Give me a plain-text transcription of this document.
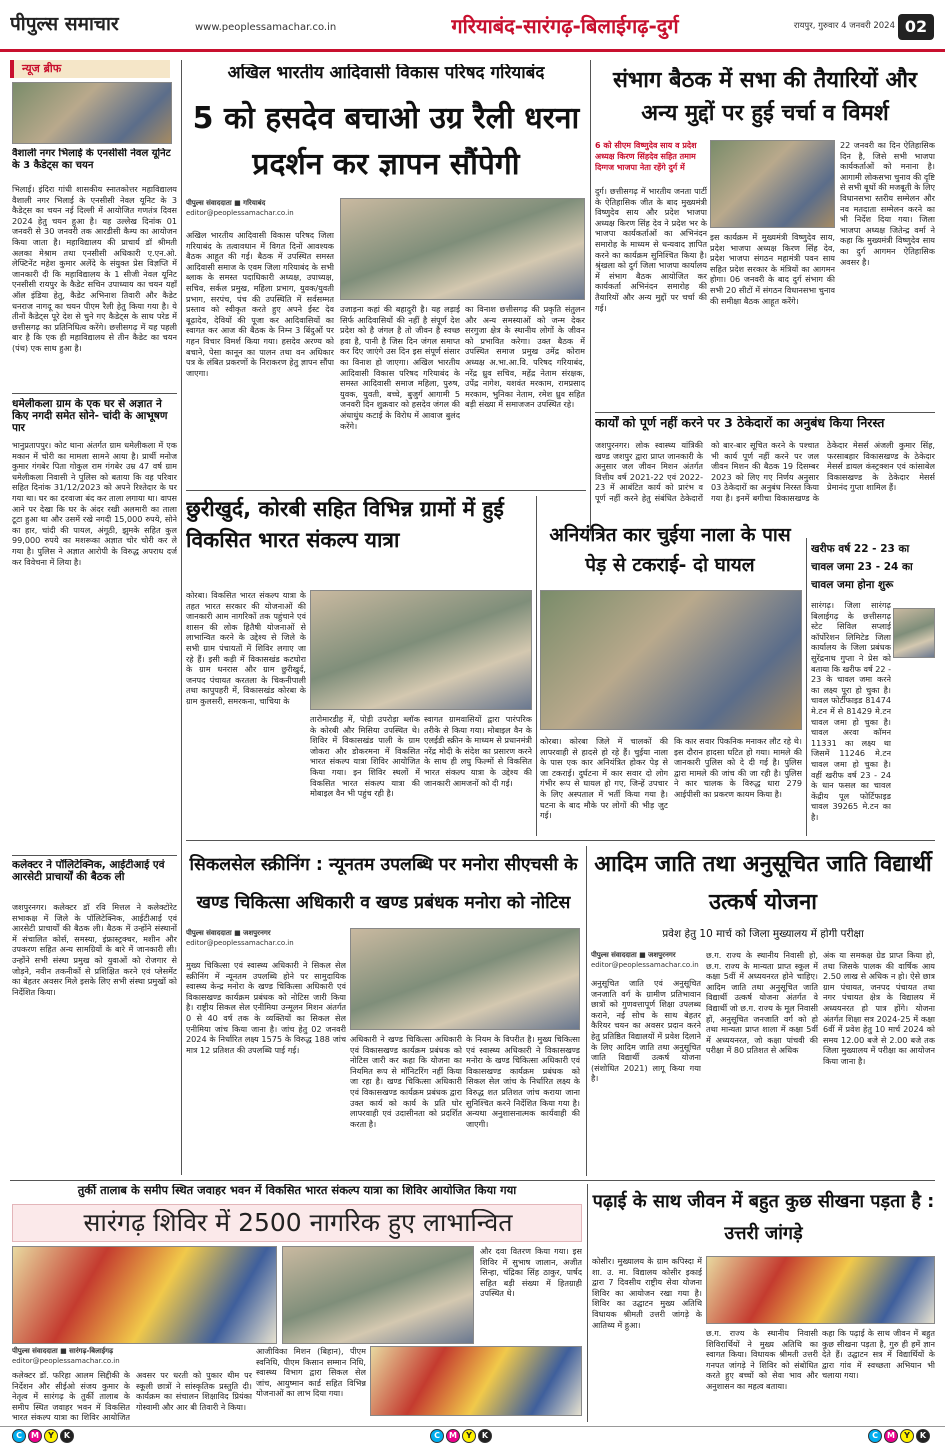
पीपुल्स समाचार	www.peoplessamachar.co.in	गरियाबंद-सारंगढ़-बिलाईगढ़-दुर्ग	रायपुर, गुरुवार 4 जनवरी 2024 02
न्यूज ब्रीफ
वैशाली नगर भिलाई के एनसीसी नेवल यूनिट के 3 कैडेट्स का चयन
भिलाई। इंदिरा गांधी शासकीय स्नातकोत्तर महाविद्यालय वैशाली नगर भिलाई के एनसीसी नेवल यूनिट के 3 कैडेट्स का चयन नई दिल्ली में आयोजित गणतंत्र दिवस 2024 हेतु चयन हुआ है। यह उल्लेख दिनांक 01 जनवरी से 30 जनवरी तक आरडीसी कैम्प का आयोजन किया जाता है। महाविद्यालय की प्राचार्य डॉ श्रीमती अलका मेश्राम तथा एनसीसी अधिकारी ए.एन.ओ. लेफ्टिनेंट महेश कुमार अलेंदे के संयुक्त प्रेस विज्ञप्ति में जानकारी दी कि महाविद्यालय के 1 सीजी नेवल यूनिट एनसीसी रायपुर के कैडेट सचिन उपाध्याय का चयन यहाँ ऑल इंडिया हेतु, कैडेट अभिनाश तिवारी और कैडेट धनराज नागदू का चयन पीएम रैली हेतु किया गया है। ये तीनों कैडेट्स पूरे देश से चुने गए कैडेट्स के साथ परेड में छत्तीसगढ़ का प्रतिनिधित्व करेंगे। छत्तीसगढ़ में यह पहली बार है कि एक ही महाविद्यालय से तीन कैडेट का चयन (पंथ) एक साथ हुआ है।
धमेलीकला ग्राम के एक घर से अज्ञात ने किए नगदी समेत सोने- चांदी के आभूषण पार
भानुप्रतापपुर। कोट थाना अंतर्गत ग्राम धमेलीकला में एक मकान में चोरी का मामला सामने आया है। प्रार्थी मनोज कुमार गंगबेर पिता गोकुल राम गंगबेर उम्र 47 वर्ष ग्राम धमेलीकला निवासी ने पुलिस को बताया कि वह परिवार सहित दिनांक 31/12/2023 को अपने रिश्तेदार के घर गया था। घर का दरवाजा बंद कर ताला लगाया था। वापस आने पर देखा कि घर के अंदर रखी अलमारी का ताला टूटा हुआ था और उसमें रखे नगदी 15,000 रुपये, सोने का हार, चांदी की पायल, अंगूठी, झुमके सहित कुल 99,000 रुपये का मशरूका अज्ञात चोर चोरी कर ले गया है। पुलिस ने अज्ञात आरोपी के विरुद्ध अपराध दर्ज कर विवेचना में लिया है।
कलेक्टर ने पॉलिटेक्निक, आईटीआई एवं आरसेटी प्राचार्यों की बैठक ली
जशपुरनगर। कलेक्टर डॉ रवि मित्तल ने कलेक्टोरेट सभाकक्ष में जिले के पॉलिटेक्निक, आईटीआई एवं आरसेटी प्राचार्यों की बैठक ली। बैठक में उन्होंने संस्थानों में संचालित कोर्स, समस्या, इंफ्रास्ट्रक्चर, मशीन और उपकरण सहित अन्य सामग्रियों के बारे में जानकारी ली। उन्होंने सभी संस्था प्रमुख को युवाओं को रोजगार से जोड़ने, नवीन तकनीकों से प्रशिक्षित करने एवं प्लेसमेंट का बेहतर अवसर मिले इसके लिए सभी संस्था प्रमुखों को निर्देशित किया।
अखिल भारतीय आदिवासी विकास परिषद गरियाबंद
5 को हसदेव बचाओ उग्र रैली धरना प्रदर्शन कर ज्ञापन सौंपेगी
पीपुल्स संवाददाता ■ गरियाबंद
editor@peoplessamachar.co.in
अखिल भारतीय आदिवासी विकास परिषद जिला गरियाबंद के तत्वावधान में विगत दिनों आवश्यक बैठक आहूत की गई। बैठक में उपस्थित समस्त आदिवासी समाज के एवम जिला गरियाबंद के सभी ब्लाक के समस्त पदाधिकारी अध्यक्ष, उपाध्यक्ष, सचिव, सर्कल प्रमुख, महिला प्रभाग, युवक/युवती प्रभाग, सरपंच, पंच की उपस्थिति में सर्वसम्मत प्रस्ताव को स्वीकृत करते हुए अपने ईस्ट देव बूढ़ादेव, देवियों की पूजा कर आदिवासियों का स्वागत कर आज की बैठक के निम्न 3 बिंदुओं पर गहन विचार विमर्श किया गया। हसदेव अरण्य को बचाने, पेसा कानून का पालन तथा वन अधिकार पत्र के लंबित प्रकरणों के निराकरण हेतु ज्ञापन सौंपा जाएगा।
उजाड़ना कहां की बहादुरी है। यह लड़ाई सिर्फ आदिवासियों की नहीं है संपूर्ण देश प्रदेश को है जंगल है तो जीवन है स्वच्छ हवा है, पानी है जिस दिन जंगल समाप्त कर दिए जाएंगे उस दिन इस संपूर्ण संसार का विनाश हो जाएगा। अखिल भारतीय आदिवासी विकास परिषद गरियाबंद के समस्त आदिवासी समाज महिला, पुरुष, युवक, युवती, बच्चे, बुजुर्ग आगामी 5 जनवरी दिन शुक्रवार को हसदेव जंगल की अंधाधुंध कटाई के विरोध में आवाज बुलंद करेंगे।
का विनाश छत्तीसगढ़ की प्रकृति संतुलन और अन्य समस्याओं को जन्म देकर सरगुजा क्षेत्र के स्थानीय लोगों के जीवन को प्रभावित करेगा। उक्त बैठक में उपस्थित समाज प्रमुख उमेंद्र कोराम अध्यक्ष अ.भा.आ.वि. परिषद गरियाबंद, नरेंद्र ध्रुव सचिव, महेंद्र नेताम संरक्षक, उपेंद्र नागेश, यशवंत मरकाम, रामप्रसाद मरकाम, भुनिका नेताम, रमेश ध्रुव सहित बड़ी संख्या में समाजजन उपस्थित रहे।
संभाग बैठक में सभा की तैयारियों और अन्य मुद्दों पर हुई चर्चा व विमर्श
6 को सीएम विष्णुदेव साय व प्रदेश अध्यक्ष किरण सिंहदेव सहित तमाम दिग्गज भाजपा नेता रहेंगे दुर्ग में
दुर्ग। छत्तीसगढ़ में भारतीय जनता पार्टी के ऐतिहासिक जीत के बाद मुख्यमंत्री विष्णुदेव साय और प्रदेश भाजपा अध्यक्ष किरण सिंह देव ने प्रदेश भर के भाजपा कार्यकर्ताओं का अभिनंदन समारोह के माध्यम से धन्यवाद ज्ञापित करने का कार्यक्रम सुनिश्चित किया है। श्रृंखला को दुर्ग जिला भाजपा कार्यालय में संभाग बैठक आयोजित कर कार्यकर्ता अभिनंदन समारोह की तैयारियों और अन्य मुद्दों पर चर्चा की गई।
इस कार्यक्रम में मुख्यमंत्री विष्णुदेव साय, प्रदेश भाजपा अध्यक्ष किरण सिंह देव, प्रदेश भाजपा संगठन महामंत्री पवन साय सहित प्रदेश सरकार के मंत्रियों का आगमन होगा। 06 जनवरी के बाद दुर्ग संभाग की सभी 20 सीटों में संगठन विधानसभा चुनाव की समीक्षा बैठक आहूत करेंगे।
22 जनवरी का दिन ऐतिहासिक दिन है, जिसे सभी भाजपा कार्यकर्ताओं को मनाना है। आगामी लोकसभा चुनाव की दृष्टि से सभी बूथों की मजबूती के लिए विधानसभा स्तरीय सम्मेलन और नव मतदाता सम्मेलन करने का भी निर्देश दिया गया। जिला भाजपा अध्यक्ष जितेन्द्र वर्मा ने कहा कि मुख्यमंत्री विष्णुदेव साय का दुर्ग आगमन ऐतिहासिक अवसर है।
कार्यों को पूर्ण नहीं करने पर 3 ठेकेदारों का अनुबंध किया निरस्त
जशपुरनगर। लोक स्वास्थ्य यांत्रिकी खण्ड जशपुर द्वारा प्राप्त जानकारी के अनुसार जल जीवन मिशन अंतर्गत वित्तीय वर्ष 2021-22 एवं 2022-23 में आबंटित कार्य को प्रारंभ व पूर्ण नहीं करने हेतु संबंधित ठेकेदारों को बार-बार सूचित करने के पश्चात भी कार्य पूर्ण नहीं करने पर जल जीवन मिशन की बैठक 19 दिसम्बर 2023 को लिए गए निर्णय अनुसार 03 ठेकेदारों का अनुबंध निरस्त किया गया है। इनमें बगीचा विकासखण्ड के ठेकेदार मेसर्स अंजली कुमार सिंह, फरसाबहार विकासखण्ड के ठेकेदार मेसर्स डायल कंस्ट्रक्शन एवं कांसाबेल विकासखण्ड के ठेकेदार मेसर्स प्रेमानंद गुप्ता शामिल हैं।
छुरीखुर्द, कोरबी सहित विभिन्न ग्रामों में हुई विकसित भारत संकल्प यात्रा
कोरबा। विकसित भारत संकल्प यात्रा के तहत भारत सरकार की योजनाओं की जानकारी आम नागरिकों तक पहुंचाने एवं शासन की लोक हितैषी योजनाओं से लाभान्वित करने के उद्देश्य से जिले के सभी ग्राम पंचायतों में शिविर लगाए जा रहे हैं। इसी कड़ी में विकासखंड कटघोरा के ग्राम धनरास और ग्राम छुरीखुर्द, जनपद पंचायत करतला के चिकनीपाली तथा कापुपहरी में, विकासखंड कोरबा के ग्राम कुलसरी, समरकना, चाचिया के
तारोमारडीह में, पोड़ी उपरोड़ा ब्लॉक के कोरबी और मिसिया उपस्थित थे। शिविर में विकासखंड पाली के ग्राम जोकरा और डोकरमना में विकसित भारत संकल्प यात्रा शिविर आयोजित किया गया। इन शिविर स्थलों में विकसित भारत संकल्प यात्रा की मोबाइल वैन भी पहुंच रही है।
स्वागत ग्रामवासियों द्वारा पारंपरिक तरीके से किया गया। मोबाइल वैन के एलईडी स्क्रीन के माध्यम से प्रधानमंत्री नरेंद्र मोदी के संदेश का प्रसारण करने के साथ ही लघु फिल्मों से विकसित भारत संकल्प यात्रा के उद्देश्य की जानकारी आमजनों को दी गई।
अनियंत्रित कार चुईया नाला के पास पेड़ से टकराई- दो घायल
कोरबा। कोरबा जिले में चालकों की लापरवाही से हादसे हो रहे हैं। चुईया नाला के पास एक कार अनियंत्रित होकर पेड़ से जा टकराई। दुर्घटना में कार सवार दो लोग गंभीर रूप से घायल हो गए, जिन्हें उपचार के लिए अस्पताल में भर्ती किया गया है। घटना के बाद मौके पर लोगों की भीड़ जुट गई।
कि कार सवार पिकनिक मनाकर लौट रहे थे। इस दौरान हादसा घटित हो गया। मामले की जानकारी पुलिस को दे दी गई है। पुलिस द्वारा मामले की जांच की जा रही है। पुलिस ने कार चालक के विरुद्ध धारा 279 आईपीसी का प्रकरण कायम किया है।
खरीफ वर्ष 22 - 23 का चावल जमा 23 - 24 का चावल जमा होना शुरू
सारंगढ़। जिला सारंगढ़ बिलाईगढ़ के छत्तीसगढ़ स्टेट सिविल सप्लाई कॉर्पोरेशन लिमिटेड जिला कार्यालय के जिला प्रबंधक सुरेंद्रनाथ गुप्ता ने प्रेस को बताया कि खरीफ वर्ष 22 - 23 के चावल जमा करने का लक्ष्य पूरा हो चुका है। चावल फोर्टीफाइड 81474 मे.टन में से 81429 मे.टन चावल जमा हो चुका है। चावल अरवा कॉमन 11331 का लक्ष्य था जिसमें 11246 मे.टन चावल जमा हो चुका है। वहीं खरीफ वर्ष 23 - 24 के धान फसल का चावल केंद्रीय पूल फोर्टिफाइड चावल 39265 मे.टन का है।
सिकलसेल स्क्रीनिंग : न्यूनतम उपलब्धि पर मनोरा सीएचसी के खण्ड चिकित्सा अधिकारी व खण्ड प्रबंधक मनोरा को नोटिस
पीपुल्स संवाददाता ■ जशपुरनगर
editor@peoplessamachar.co.in
मुख्य चिकित्सा एवं स्वास्थ्य अधिकारी ने सिकल सेल स्क्रीनिंग में न्यूनतम उपलब्धि होने पर सामुदायिक स्वास्थ्य केन्द्र मनोरा के खण्ड चिकित्सा अधिकारी एवं विकासखण्ड कार्यक्रम प्रबंधक को नोटिस जारी किया है। राष्ट्रीय सिकल सेल एनीमिया उन्मूलन मिशन अंतर्गत 0 से 40 वर्ष तक के व्यक्तियों का सिकल सेल एनीमिया जांच किया जाना है। जांच हेतु 02 जनवरी 2024 के निर्धारित लक्ष्य 1575 के विरुद्ध 188 जांच मात्र 12 प्रतिशत की उपलब्धि पाई गई।
अधिकारी ने खण्ड चिकित्सा अधिकारी एवं विकासखण्ड कार्यक्रम प्रबंधक को नोटिस जारी कर कहा कि योजना का नियमित रूप से मॉनिटरिंग नहीं किया जा रहा है। खण्ड चिकित्सा अधिकारी एवं विकासखण्ड कार्यक्रम प्रबंधक द्वारा उक्त कार्य को कार्य के प्रति घोर लापरवाही एवं उदासीनता को प्रदर्शित करता है।
के नियम के विपरीत है। मुख्य चिकित्सा एवं स्वास्थ्य अधिकारी ने विकासखण्ड मनोरा के खण्ड चिकित्सा अधिकारी एवं विकासखण्ड कार्यक्रम प्रबंधक को सिकल सेल जांच के निर्धारित लक्ष्य के विरुद्ध शत प्रतिशत जांच कराया जाना सुनिश्चित करने निर्देशित किया गया है। अन्यथा अनुशासनात्मक कार्यवाही की जाएगी।
आदिम जाति तथा अनुसूचित जाति विद्यार्थी उत्कर्ष योजना
प्रवेश हेतु 10 मार्च को जिला मुख्यालय में होगी परीक्षा
पीपुल्स संवाददाता ■ जशपुरनगर
editor@peoplessamachar.co.in
अनुसूचित जाति एवं अनुसूचित जनजाति वर्ग के ग्रामीण प्रतिभावान छात्रों को गुणवत्तापूर्ण शिक्षा उपलब्ध कराने, नई सोच के साथ बेहतर कैरियर चयन का अवसर प्रदान करने हेतु प्रतिष्ठित विद्यालयों में प्रवेश दिलाने के लिए आदिम जाति तथा अनुसूचित जाति विद्यार्थी उत्कर्ष योजना (संशोधित 2021) लागू किया गया है।
छ.ग. राज्य के स्थानीय निवासी हो, छ.ग. राज्य के मान्यता प्राप्त स्कूल में कक्षा 5वीं में अध्ययनरत होने चाहिए। आदिम जाति तथा अनुसूचित जाति विद्यार्थी उत्कर्ष योजना अंतर्गत वे विद्यार्थी जो छ.ग. राज्य के मूल निवासी हों, अनुसूचित जनजाति वर्ग को हो तथा मान्यता प्राप्त शाला में कक्षा 5वीं में अध्ययनरत, जो कक्षा पांचवी की परीक्षा में 80 प्रतिशत से अधिक
अंक या समकक्ष ग्रेड प्राप्त किया हो, तथा जिसके पालक की वार्षिक आय 2.50 लाख से अधिक न हो। ऐसे छात्र ग्राम पंचायत, जनपद पंचायत तथा नगर पंचायत क्षेत्र के विद्यालय में अध्ययनरत हो पात्र होंगे। योजना अंतर्गत शिक्षा सत्र 2024-25 में कक्षा 6वीं में प्रवेश हेतु 10 मार्च 2024 को समय 12.00 बजे से 2.00 बजे तक जिला मुख्यालय में परीक्षा का आयोजन किया जाना है।
तुर्की तालाब के समीप स्थित जवाहर भवन में विकसित भारत संकल्प यात्रा का शिविर आयोजित किया गया
सारंगढ़ शिविर में 2500 नागरिक हुए लाभान्वित
पीपुल्स संवाददाता ■ सारंगढ़-बिलाईगढ़
editor@peoplessamachar.co.in
कलेक्टर डॉ. फरिहा आलम सिद्दीकी के निर्देशन और सीईओ संजय कुमार के नेतृत्व में सारंगढ़ के तुर्की तालाब के समीप स्थित जवाहर भवन में विकसित भारत संकल्प यात्रा का शिविर आयोजित
अवसर पर धरती को पुकार थीम पर स्कूली छात्रों ने सांस्कृतिक प्रस्तुति दी। कार्यक्रम का संचालन शिक्षाविद प्रियंका गोस्वामी और आर बी तिवारी ने किया।
आजीविका मिशन (बिहान), पीएम स्वनिधि, पीएम किसान सम्मान निधि, स्वास्थ्य विभाग द्वारा सिकल सेल जांच, आयुष्मान कार्ड सहित विभिन्न योजनाओं का लाभ दिया गया।
और दवा वितरण किया गया। इस शिविर में सुभाष जालान, अजीत सिन्हा, चंद्रिका सिंह ठाकुर, पार्षद सहित बड़ी संख्या में हितग्राही उपस्थित थे।
पढ़ाई के साथ जीवन में बहुत कुछ सीखना पड़ता है : उत्तरी जांगड़े
कोसीर। मुख्यालय के ग्राम कपिस्दा में शा. उ. मा. विद्यालय कोसीर इकाई द्वारा 7 दिवसीय राष्ट्रीय सेवा योजना शिविर का आयोजन रखा गया है। शिविर का उद्घाटन मुख्य अतिथि विधायक श्रीमती उत्तरी जांगड़े के आतिथ्य में हुआ।
छ.ग. राज्य के स्थानीय निवासी शिविरार्थियों ने मुख्य अतिथि का स्वागत किया। विधायक श्रीमती उत्तरी गनपत जांगड़े ने शिविर को संबोधित करते हुए बच्चों को सेवा भाव और अनुशासन का महत्व बताया।
कहा कि पढ़ाई के साथ जीवन में बहुत कुछ सीखना पड़ता है, गुरु ही हमें ज्ञान देते हैं। उद्घाटन सत्र में विद्यार्थियों के द्वारा गांव में स्वच्छता अभियान भी चलाया गया।
C	M	Y	K	C	M	Y	K	C	M	Y	K
